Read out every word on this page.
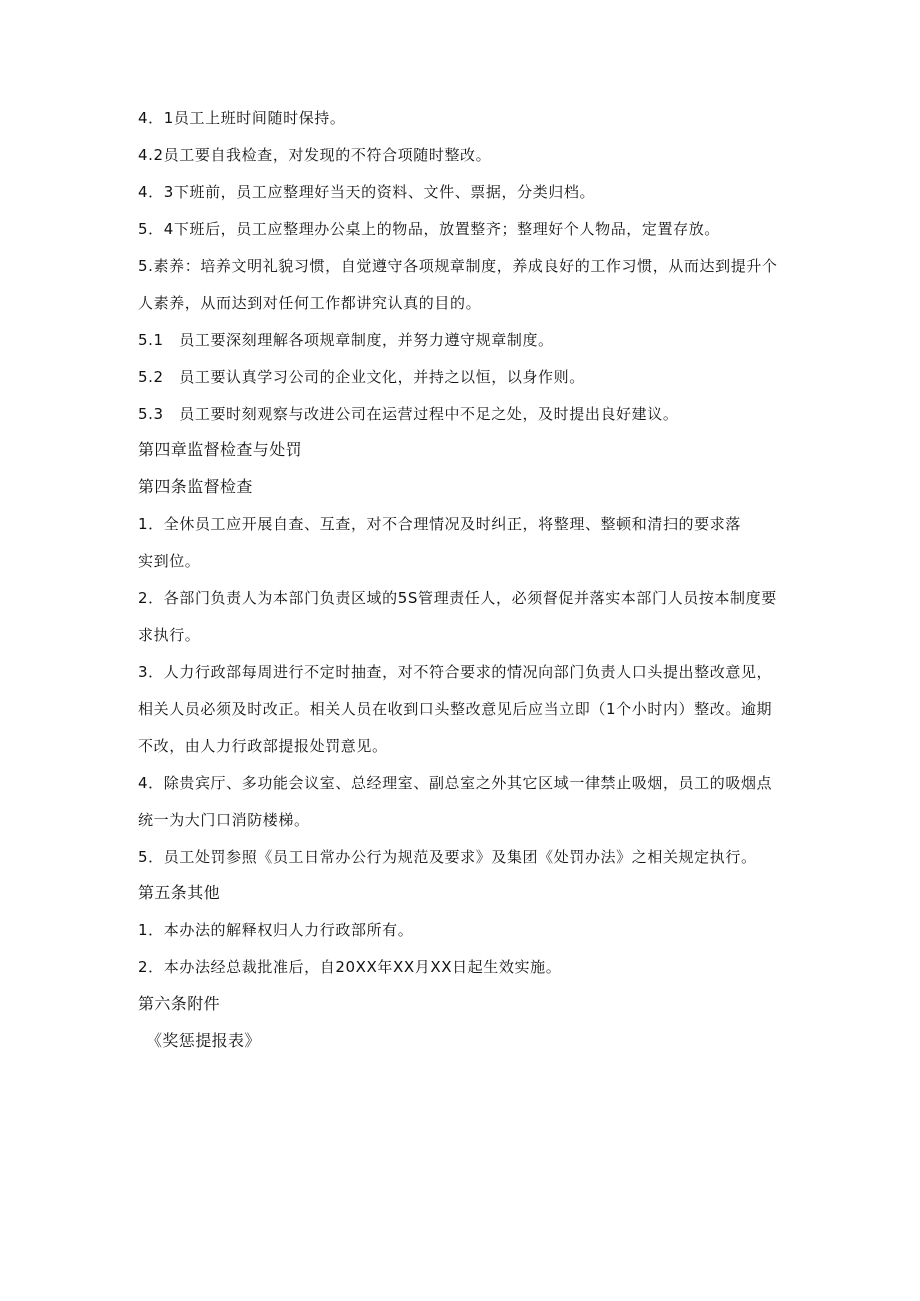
4．1员工上班时间随时保持。
4.2员工要自我检查，对发现的不符合项随时整改。
4．3下班前，员工应整理好当天的资料、文件、票据，分类归档。
5．4下班后，员工应整理办公桌上的物品，放置整齐；整理好个人物品，定置存放。
5.素养：培养文明礼貌习惯，自觉遵守各项规章制度，养成良好的工作习惯，从而达到提升个
人素养，从而达到对任何工作都讲究认真的目的。
5.1　员工要深刻理解各项规章制度，并努力遵守规章制度。
5.2　员工要认真学习公司的企业文化，并持之以恒，以身作则。
5.3　员工要时刻观察与改进公司在运营过程中不足之处，及时提出良好建议。
第四章监督检查与处罚
第四条监督检查
1．全休员工应开展自查、互查，对不合理情况及时纠正，将整理、整顿和清扫的要求落
实到位。
2．各部门负责人为本部门负责区域的5S管理责任人，必须督促并落实本部门人员按本制度要
求执行。
3．人力行政部每周进行不定时抽查，对不符合要求的情况向部门负责人口头提出整改意见，
相关人员必须及时改正。相关人员在收到口头整改意见后应当立即（1个小时内）整改。逾期
不改，由人力行政部提报处罚意见。
4．除贵宾厅、多功能会议室、总经理室、副总室之外其它区域一律禁止吸烟，员工的吸烟点
统一为大门口消防楼梯。
5．员工处罚参照《员工日常办公行为规范及要求》及集团《处罚办法》之相关规定执行。
第五条其他
1．本办法的解释权归人力行政部所有。
2．本办法经总裁批准后，自20XX年XX月XX日起生效实施。
第六条附件
《奖惩提报表》
